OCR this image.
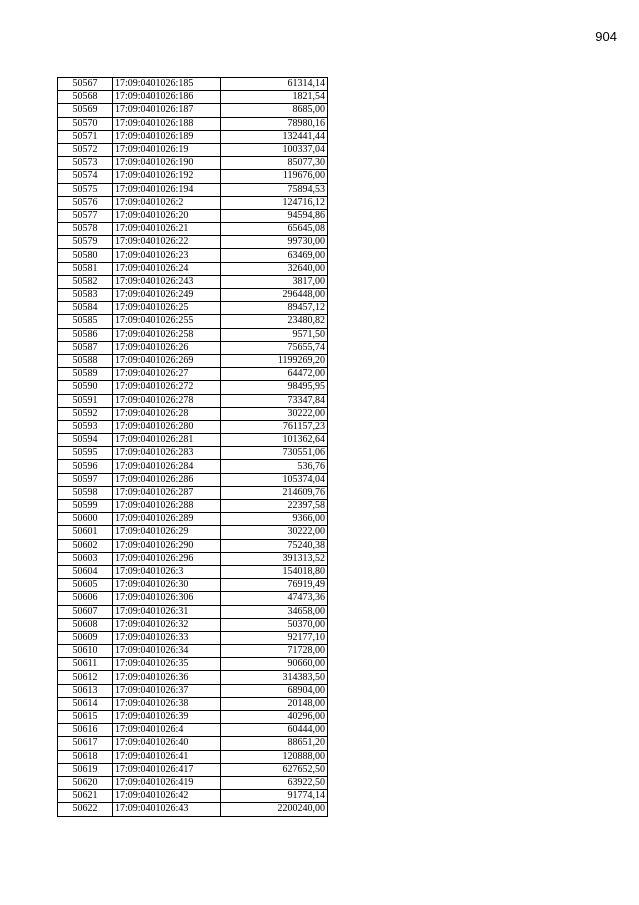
904
50567	17:09:0401026:185	61314,14
50568	17:09:0401026:186	1821,54
50569	17:09:0401026:187	8685,00
50570	17:09:0401026:188	78980,16
50571	17:09:0401026:189	132441,44
50572	17:09:0401026:19	100337,04
50573	17:09:0401026:190	85077,30
50574	17:09:0401026:192	119676,00
50575	17:09:0401026:194	75894,53
50576	17:09:0401026:2	124716,12
50577	17:09:0401026:20	94594,86
50578	17:09:0401026:21	65645,08
50579	17:09:0401026:22	99730,00
50580	17:09:0401026:23	63469,00
50581	17:09:0401026:24	32640,00
50582	17:09:0401026:243	3817,00
50583	17:09:0401026:249	296448,00
50584	17:09:0401026:25	89457,12
50585	17:09:0401026:255	23480,82
50586	17:09:0401026:258	9571,50
50587	17:09:0401026:26	75655,74
50588	17:09:0401026:269	1199269,20
50589	17:09:0401026:27	64472,00
50590	17:09:0401026:272	98495,95
50591	17:09:0401026:278	73347,84
50592	17:09:0401026:28	30222,00
50593	17:09:0401026:280	761157,23
50594	17:09:0401026:281	101362,64
50595	17:09:0401026:283	730551,06
50596	17:09:0401026:284	536,76
50597	17:09:0401026:286	105374,04
50598	17:09:0401026:287	214609,76
50599	17:09:0401026:288	22397,58
50600	17:09:0401026:289	9366,00
50601	17:09:0401026:29	30222,00
50602	17:09:0401026:290	75240,38
50603	17:09:0401026:296	391313,52
50604	17:09:0401026:3	154018,80
50605	17:09:0401026:30	76919,49
50606	17:09:0401026:306	47473,36
50607	17:09:0401026:31	34658,00
50608	17:09:0401026:32	50370,00
50609	17:09:0401026:33	92177,10
50610	17:09:0401026:34	71728,00
50611	17:09:0401026:35	90660,00
50612	17:09:0401026:36	314383,50
50613	17:09:0401026:37	68904,00
50614	17:09:0401026:38	20148,00
50615	17:09:0401026:39	40296,00
50616	17:09:0401026:4	60444,00
50617	17:09:0401026:40	88651,20
50618	17:09:0401026:41	120888,00
50619	17:09:0401026:417	627652,50
50620	17:09:0401026:419	63922,50
50621	17:09:0401026:42	91774,14
50622	17:09:0401026:43	2200240,00
